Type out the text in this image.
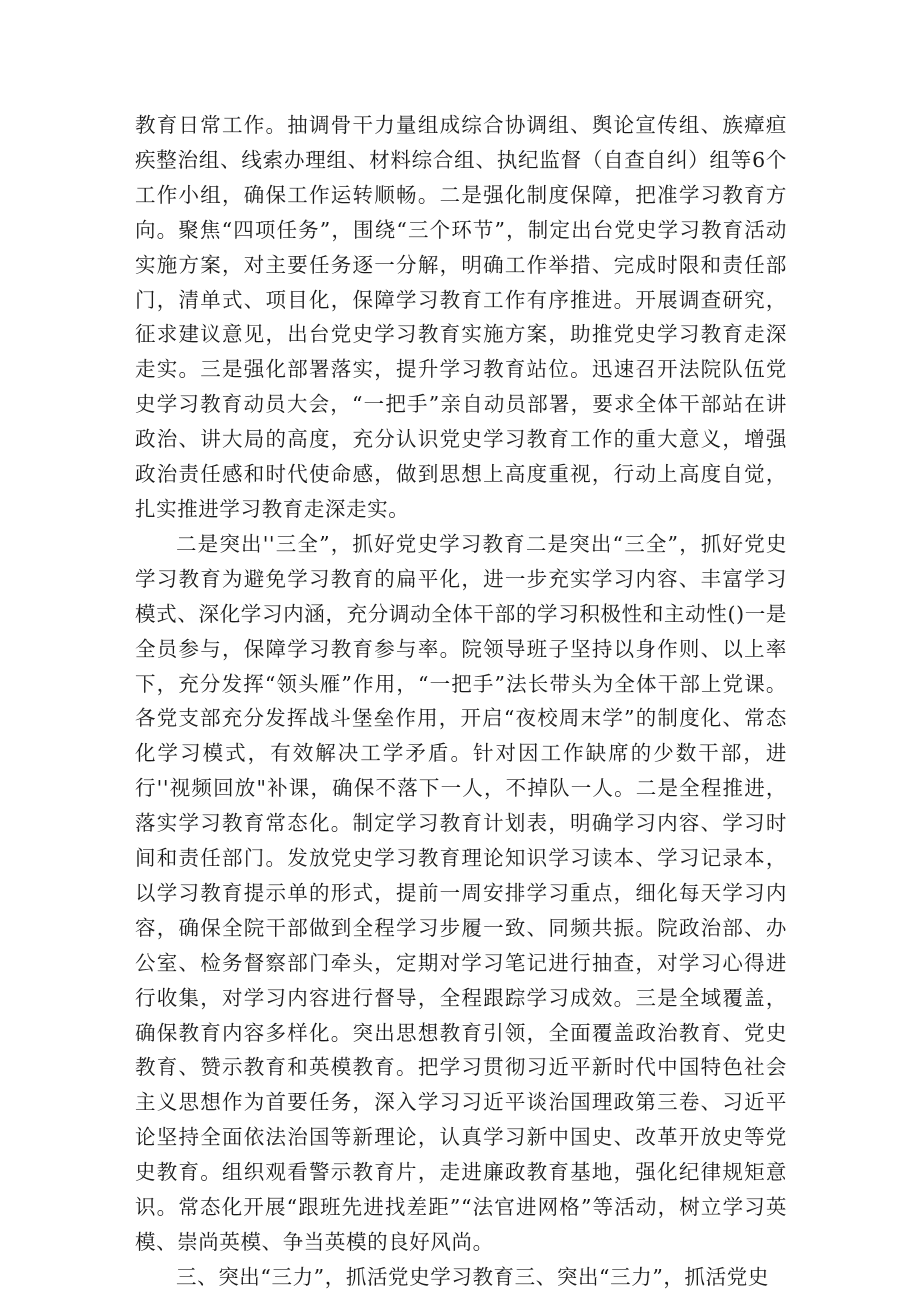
教育日常工作。抽调骨干力量组成综合协调组、舆论宣传组、族瘴疸疾整治组、线索办理组、材料综合组、执纪监督（自查自纠）组等6个工作小组，确保工作运转顺畅。二是强化制度保障，把准学习教育方向。聚焦“四项任务”，围绕“三个环节”，制定出台党史学习教育活动实施方案，对主要任务逐一分解，明确工作举措、完成时限和责任部门，清单式、项目化，保障学习教育工作有序推进。开展调查研究，征求建议意见，出台党史学习教育实施方案，助推党史学习教育走深走实。三是强化部署落实，提升学习教育站位。迅速召开法院队伍党史学习教育动员大会，“一把手”亲自动员部署，要求全体干部站在讲政治、讲大局的高度，充分认识党史学习教育工作的重大意义，增强政治责任感和时代使命感，做到思想上高度重视，行动上高度自觉，扎实推进学习教育走深走实。

二是突出''三全”，抓好党史学习教育二是突出“三全”，抓好党史学习教育为避免学习教育的扁平化，进一步充实学习内容、丰富学习模式、深化学习内涵，充分调动全体干部的学习积极性和主动性()一是全员参与，保障学习教育参与率。院领导班子坚持以身作则、以上率下，充分发挥“领头雁”作用，“一把手”法长带头为全体干部上党课。各党支部充分发挥战斗堡垒作用，开启“夜校周末学”的制度化、常态化学习模式，有效解决工学矛盾。针对因工作缺席的少数干部，进行''视频回放"补课，确保不落下一人，不掉队一人。二是全程推进，落实学习教育常态化。制定学习教育计划表，明确学习内容、学习时间和责任部门。发放党史学习教育理论知识学习读本、学习记录本，以学习教育提示单的形式，提前一周安排学习重点，细化每天学习内容，确保全院干部做到全程学习步履一致、同频共振。院政治部、办公室、检务督察部门牵头，定期对学习笔记进行抽查，对学习心得进行收集，对学习内容进行督导，全程跟踪学习成效。三是全域覆盖，确保教育内容多样化。突出思想教育引领，全面覆盖政治教育、党史教育、赞示教育和英模教育。把学习贯彻习近平新时代中国特色社会主义思想作为首要任务，深入学习习近平谈治国理政第三卷、习近平论坚持全面依法治国等新理论，认真学习新中国史、改革开放史等党史教育。组织观看警示教育片，走进廉政教育基地，强化纪律规矩意识。常态化开展“跟班先进找差距”“法官进网格”等活动，树立学习英模、崇尚英模、争当英模的良好风尚。

三、突出“三力”，抓活党史学习教育三、突出“三力”，抓活党史
